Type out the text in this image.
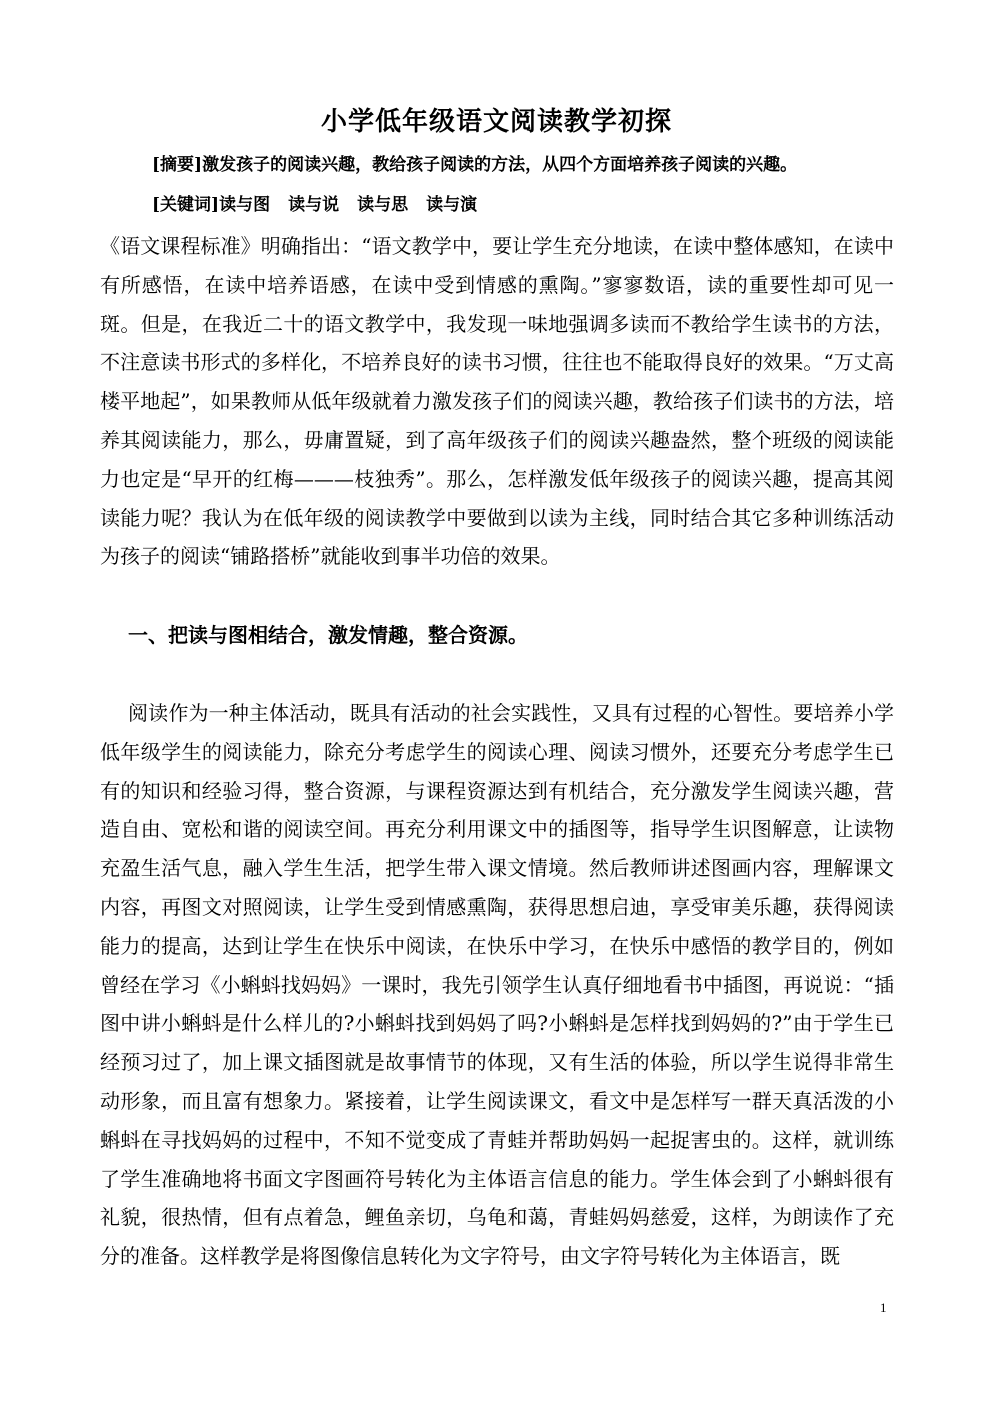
小学低年级语文阅读教学初探
[摘要]激发孩子的阅读兴趣，教给孩子阅读的方法，从四个方面培养孩子阅读的兴趣。
[关键词]读与图 读与说 读与思 读与演
《语文课程标准》明确指出：“语文教学中，要让学生充分地读，在读中整体感知，在读中有所感悟，在读中培养语感，在读中受到情感的熏陶。”寥寥数语，读的重要性却可见一斑。但是，在我近二十的语文教学中，我发现一味地强调多读而不教给学生读书的方法，不注意读书形式的多样化，不培养良好的读书习惯，往往也不能取得良好的效果。“万丈高楼平地起”，如果教师从低年级就着力激发孩子们的阅读兴趣，教给孩子们读书的方法，培养其阅读能力，那么，毋庸置疑，到了高年级孩子们的阅读兴趣盎然，整个班级的阅读能力也定是“早开的红梅———枝独秀”。那么，怎样激发低年级孩子的阅读兴趣，提高其阅读能力呢？我认为在低年级的阅读教学中要做到以读为主线，同时结合其它多种训练活动为孩子的阅读“铺路搭桥”就能收到事半功倍的效果。
一、把读与图相结合，激发情趣，整合资源。
阅读作为一种主体活动，既具有活动的社会实践性，又具有过程的心智性。要培养小学低年级学生的阅读能力，除充分考虑学生的阅读心理、阅读习惯外，还要充分考虑学生已有的知识和经验习得，整合资源，与课程资源达到有机结合，充分激发学生阅读兴趣，营造自由、宽松和谐的阅读空间。再充分利用课文中的插图等，指导学生识图解意，让读物充盈生活气息，融入学生生活，把学生带入课文情境。然后教师讲述图画内容，理解课文内容，再图文对照阅读，让学生受到情感熏陶，获得思想启迪，享受审美乐趣，获得阅读能力的提高，达到让学生在快乐中阅读，在快乐中学习，在快乐中感悟的教学目的，例如曾经在学习《小蝌蚪找妈妈》一课时，我先引领学生认真仔细地看书中插图，再说说：“插图中讲小蝌蚪是什么样儿的?小蝌蚪找到妈妈了吗?小蝌蚪是怎样找到妈妈的?”由于学生已经预习过了，加上课文插图就是故事情节的体现，又有生活的体验，所以学生说得非常生动形象，而且富有想象力。紧接着，让学生阅读课文，看文中是怎样写一群天真活泼的小蝌蚪在寻找妈妈的过程中，不知不觉变成了青蛙并帮助妈妈一起捉害虫的。这样，就训练了学生准确地将书面文字图画符号转化为主体语言信息的能力。学生体会到了小蝌蚪很有礼貌，很热情，但有点着急，鲤鱼亲切，乌龟和蔼，青蛙妈妈慈爱，这样，为朗读作了充分的准备。这样教学是将图像信息转化为文字符号，由文字符号转化为主体语言，既
1
